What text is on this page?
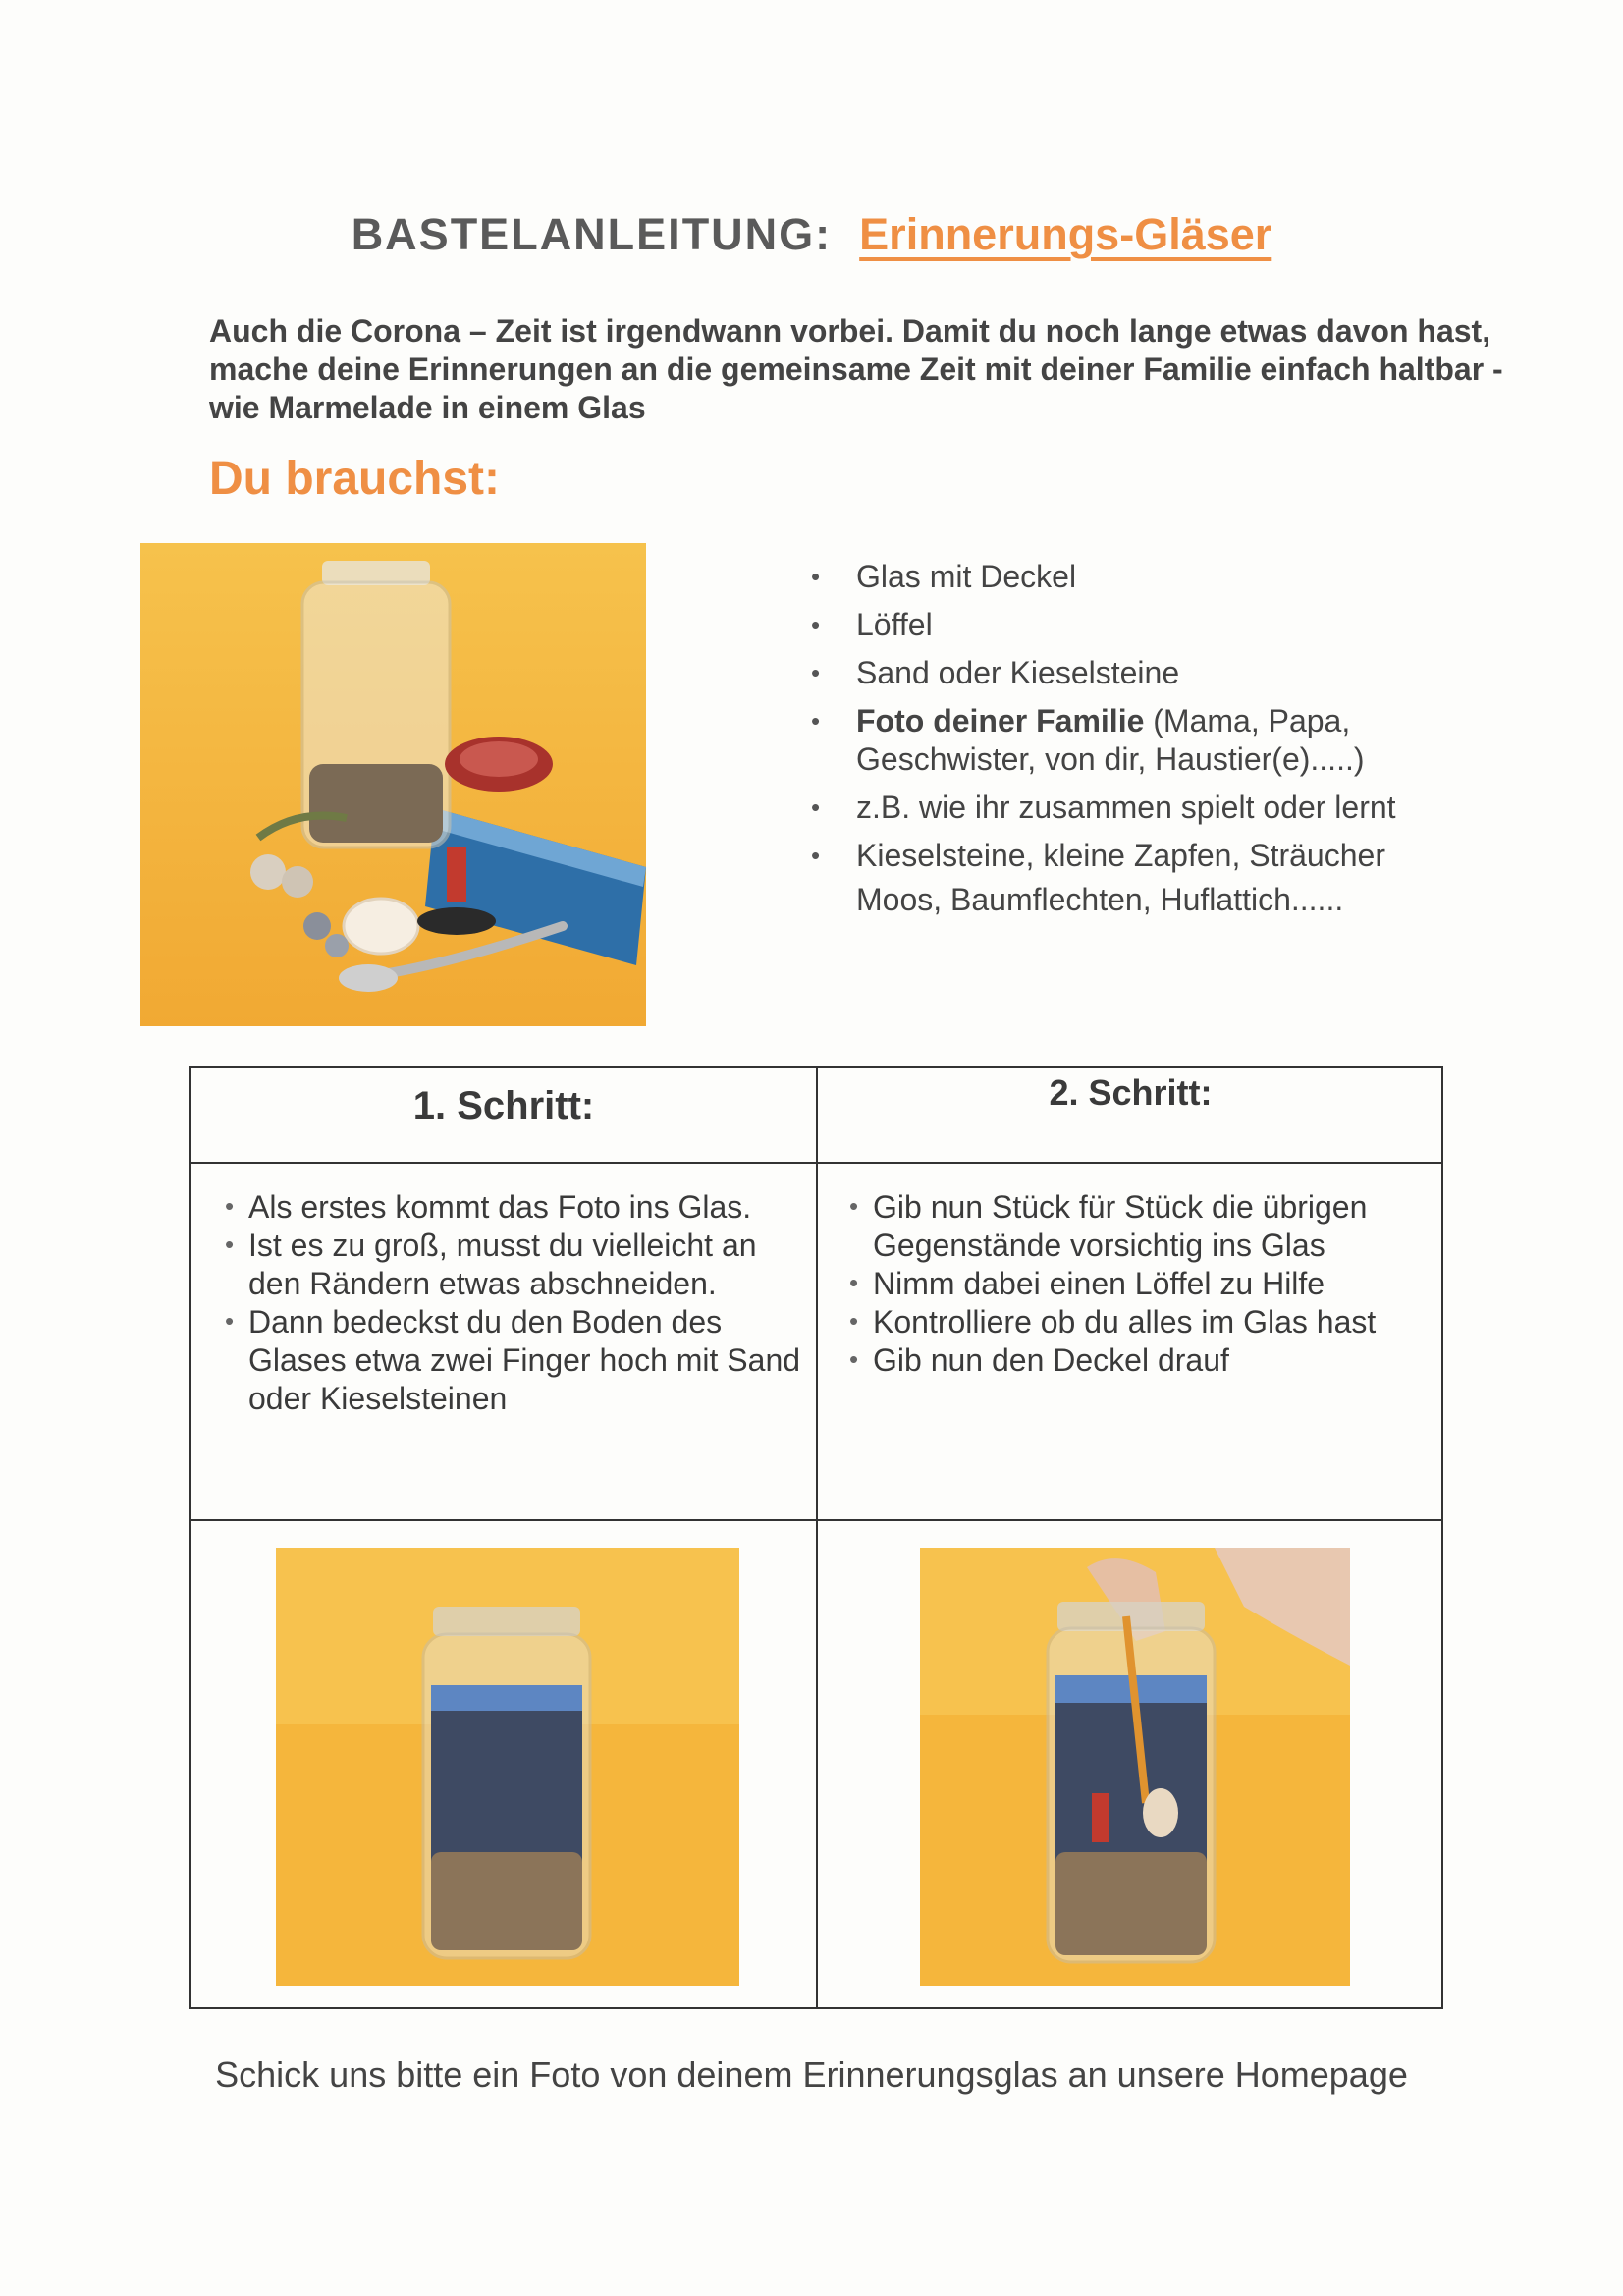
BASTELANLEITUNG: Erinnerungs-Gläser
Auch die Corona – Zeit ist irgendwann vorbei. Damit du noch lange etwas davon hast,
mache deine Erinnerungen an die gemeinsame Zeit mit deiner Familie einfach haltbar -
wie Marmelade in einem Glas
Du brauchst:
• Glas mit Deckel
• Löffel
• Sand oder Kieselsteine
• Foto deiner Familie (Mama, Papa, Geschwister, von dir, Haustier(e).....)
• z.B. wie ihr zusammen spielt oder lernt
• Kieselsteine, kleine Zapfen, Sträucher
Moos, Baumflechten, Huflattich......
1. Schritt:	2. Schritt:
• Als erstes kommt das Foto ins Glas.
• Ist es zu groß, musst du vielleicht an den Rändern etwas abschneiden.
• Dann bedeckst du den Boden des Glases etwa zwei Finger hoch mit Sand oder Kieselsteinen
• Gib nun Stück für Stück die übrigen Gegenstände vorsichtig ins Glas
• Nimm dabei einen Löffel zu Hilfe
• Kontrolliere ob du alles im Glas hast
• Gib nun den Deckel drauf
Schick uns bitte ein Foto von deinem Erinnerungsglas an unsere Homepage
